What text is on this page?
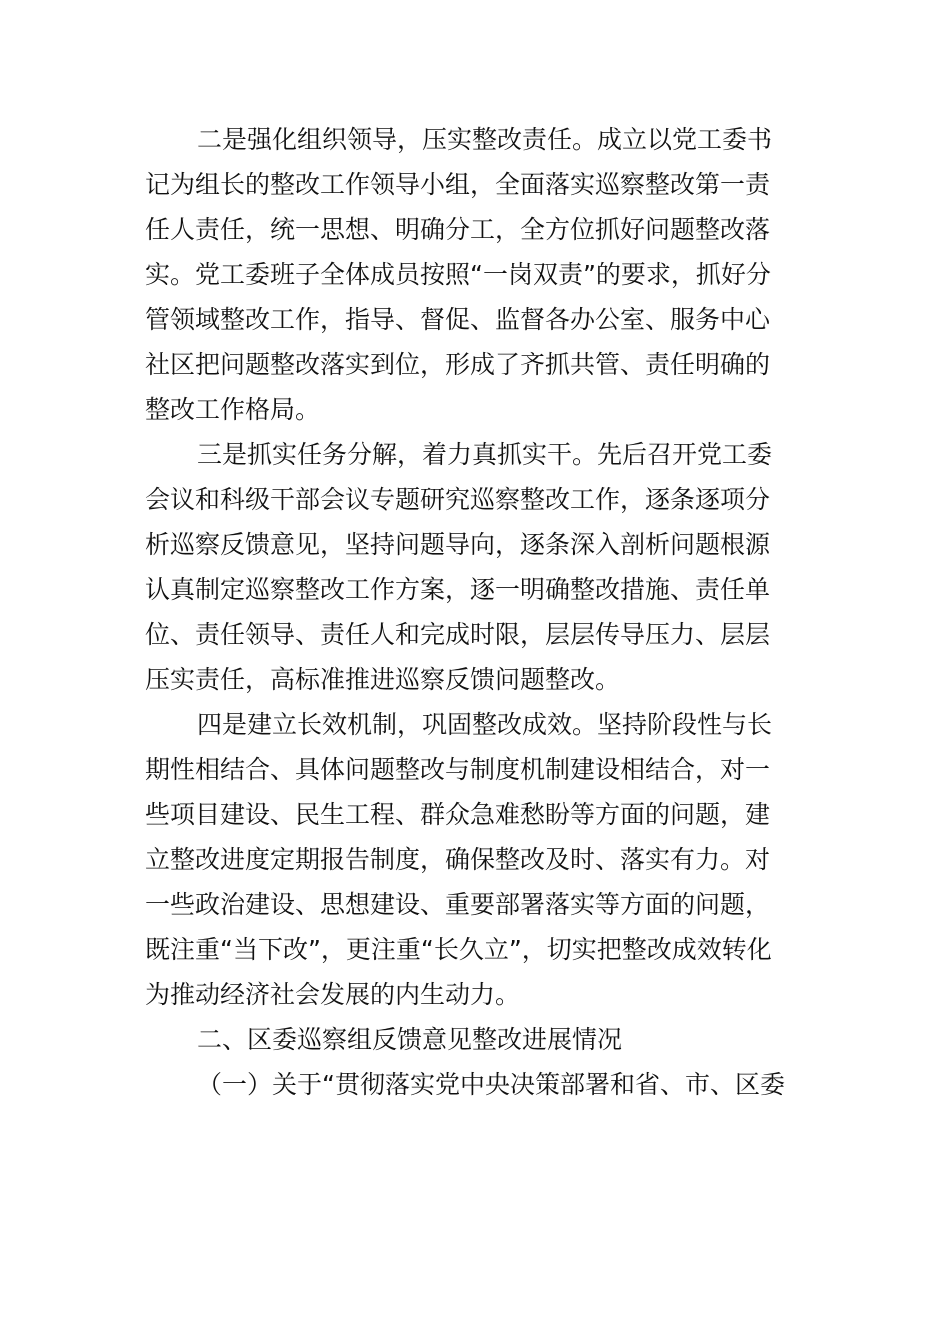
二是强化组织领导，压实整改责任。成立以党工委书
记为组长的整改工作领导小组，全面落实巡察整改第一责
任人责任，统一思想、明确分工，全方位抓好问题整改落
实。党工委班子全体成员按照“一岗双责”的要求，抓好分
管领域整改工作，指导、督促、监督各办公室、服务中心
社区把问题整改落实到位，形成了齐抓共管、责任明确的
整改工作格局。
三是抓实任务分解，着力真抓实干。先后召开党工委
会议和科级干部会议专题研究巡察整改工作，逐条逐项分
析巡察反馈意见，坚持问题导向，逐条深入剖析问题根源
认真制定巡察整改工作方案，逐一明确整改措施、责任单
位、责任领导、责任人和完成时限，层层传导压力、层层
压实责任，高标准推进巡察反馈问题整改。
四是建立长效机制，巩固整改成效。坚持阶段性与长
期性相结合、具体问题整改与制度机制建设相结合，对一
些项目建设、民生工程、群众急难愁盼等方面的问题，建
立整改进度定期报告制度，确保整改及时、落实有力。对
一些政治建设、思想建设、重要部署落实等方面的问题，
既注重“当下改”，更注重“长久立”，切实把整改成效转化
为推动经济社会发展的内生动力。
二、区委巡察组反馈意见整改进展情况
（一）关于“贯彻落实党中央决策部署和省、市、区委
